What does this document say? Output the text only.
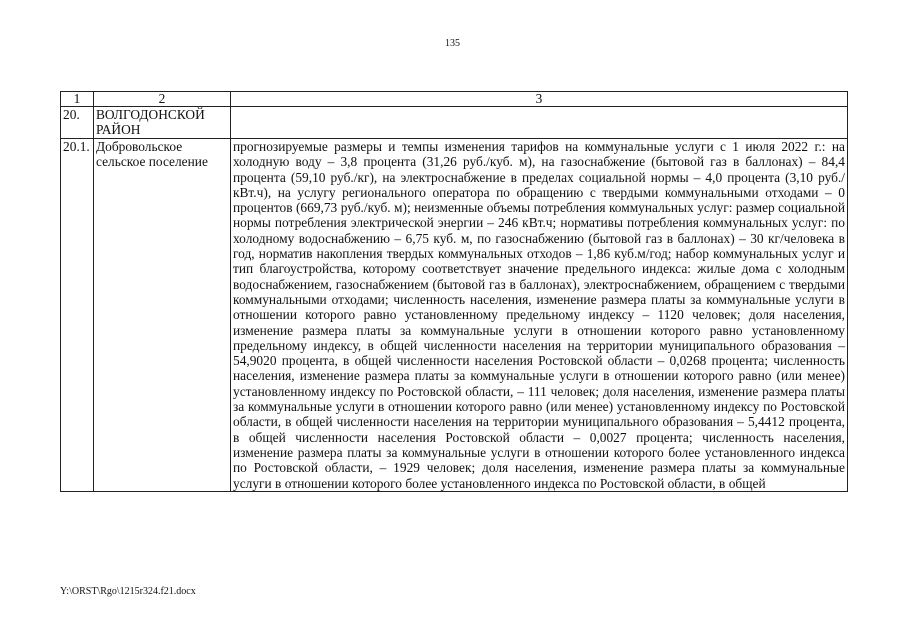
135
1	2	3
20.	ВОЛГОДОНСКОЙ РАЙОН	
20.1.	Добровольское сельское поселение	прогнозируемые размеры и темпы изменения тарифов на коммунальные услуги с 1 июля 2022 г.: на холодную воду – 3,8 процента (31,26 руб./куб. м), на газоснабжение (бытовой газ в баллонах) – 84,4 процента (59,10 руб./кг), на электроснабжение в пределах социальной нормы – 4,0 процента (3,10 руб./кВт.ч), на услугу регионального оператора по обращению с твердыми коммунальными отходами – 0 процентов (669,73 руб./куб. м); неизменные объемы потребления коммунальных услуг: размер социальной нормы потребления электрической энергии – 246 кВт.ч; нормативы потребления коммунальных услуг: по холодному водоснабжению – 6,75 куб. м, по газоснабжению (бытовой газ в баллонах) – 30 кг/человека в год, норматив накопления твердых коммунальных отходов – 1,86 куб.м/год; набор коммунальных услуг и тип благоустройства, которому соответствует значение предельного индекса: жилые дома с холодным водоснабжением, газоснабжением (бытовой газ в баллонах), электроснабжением, обращением с твердыми коммунальными отходами; численность населения, изменение размера платы за коммунальные услуги в отношении которого равно установленному предельному индексу – 1120 человек; доля населения, изменение размера платы за коммунальные услуги в отношении которого равно установленному предельному индексу, в общей численности населения на территории муниципального образования – 54,9020 процента, в общей численности населения Ростовской области – 0,0268 процента; численность населения, изменение размера платы за коммунальные услуги в отношении которого равно (или менее) установленному индексу по Ростовской области, – 111 человек; доля населения, изменение размера платы за коммунальные услуги в отношении которого равно (или менее) установленному индексу по Ростовской области, в общей численности населения на территории муниципального образования – 5,4412 процента, в общей численности населения Ростовской области – 0,0027 процента; численность населения, изменение размера платы за коммунальные услуги в отношении которого более установленного индекса по Ростовской области, – 1929 человек; доля населения, изменение размера платы за коммунальные услуги в отношении которого более установленного индекса по Ростовской области, в общей
Y:\ORST\Rgo\1215r324.f21.docx
